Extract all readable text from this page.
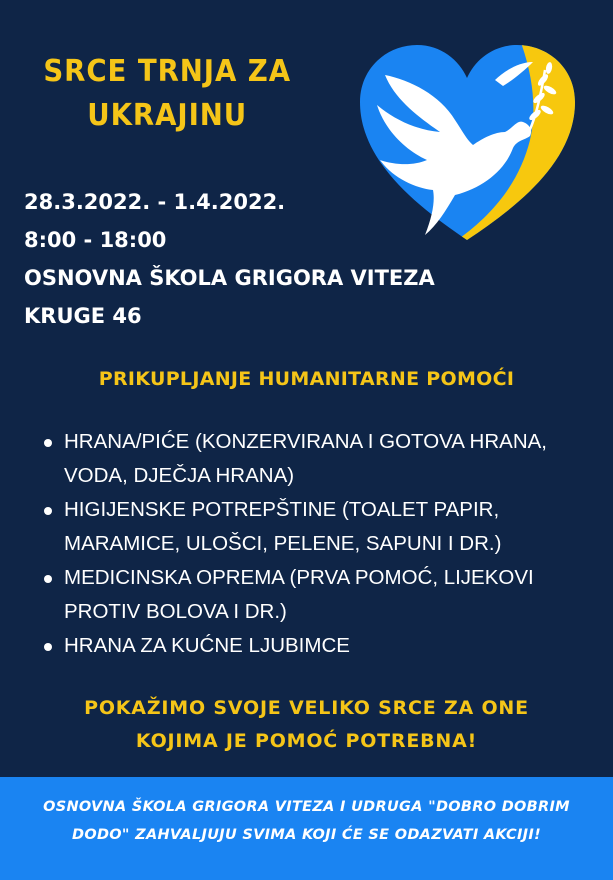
SRCE TRNJA ZA
UKRAJINU
28.3.2022. - 1.4.2022.
8:00 - 18:00
OSNOVNA ŠKOLA GRIGORA VITEZA
KRUGE 46
PRIKUPLJANJE HUMANITARNE POMOĆI
HRANA/PIĆE (KONZERVIRANA I GOTOVA HRANA,
VODA, DJEČJA HRANA)
HIGIJENSKE POTREPŠTINE (TOALET PAPIR,
MARAMICE, ULOŠCI, PELENE, SAPUNI I DR.)
MEDICINSKA OPREMA (PRVA POMOĆ, LIJEKOVI
PROTIV BOLOVA I DR.)
HRANA ZA KUĆNE LJUBIMCE
POKAŽIMO SVOJE VELIKO SRCE ZA ONE
KOJIMA JE POMOĆ POTREBNA!
OSNOVNA ŠKOLA GRIGORA VITEZA I UDRUGA "DOBRO DOBRIM
DODO" ZAHVALJUJU SVIMA KOJI ĆE SE ODAZVATI AKCIJI!
